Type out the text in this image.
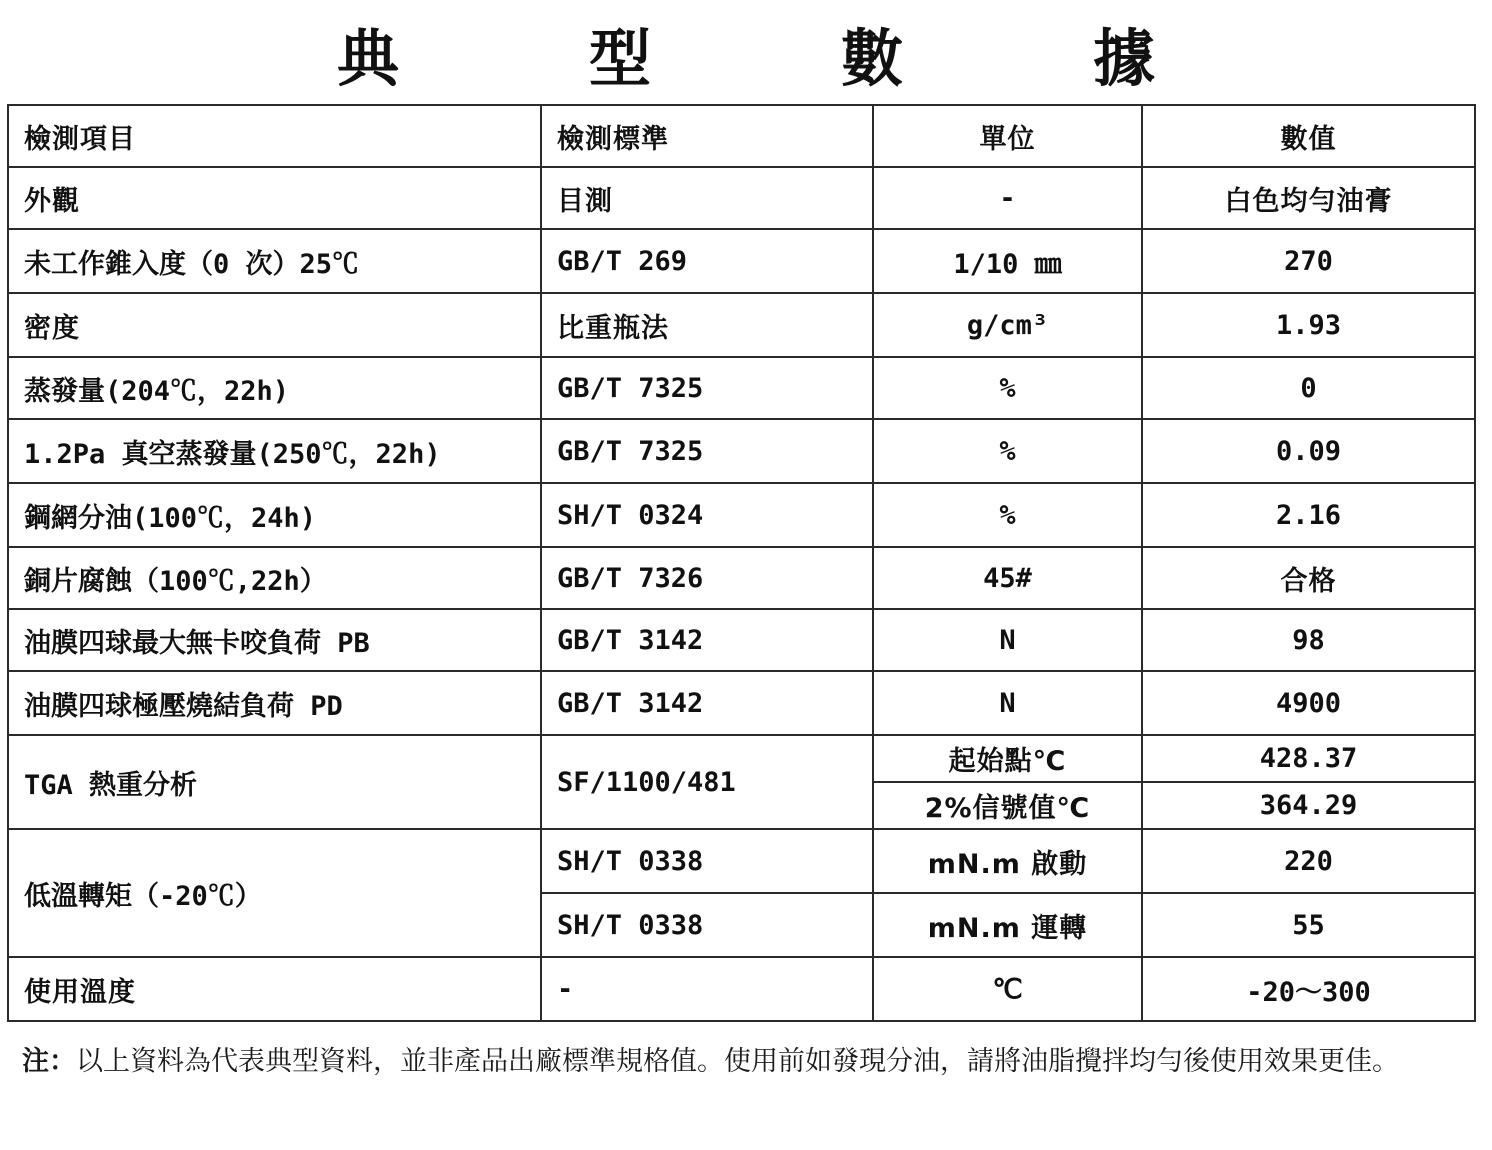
典　型　數　據
檢測項目	檢測標準	單位	數值
外觀	目測	-	白色均勻油膏
未工作錐入度（0 次）25℃	GB/T 269	1/10 ㎜	270
密度	比重瓶法	g/cm³	1.93
蒸發量(204℃，22h)	GB/T 7325	%	0
1.2Pa 真空蒸發量(250℃，22h)	GB/T 7325	%	0.09
鋼網分油(100℃，24h)	SH/T 0324	%	2.16
銅片腐蝕（100℃,22h）	GB/T 7326	45#	合格
油膜四球最大無卡咬負荷 PB	GB/T 3142	N	98
油膜四球極壓燒結負荷 PD	GB/T 3142	N	4900
TGA 熱重分析	SF/1100/481	起始點℃	428.37
		2%信號值℃	364.29
低溫轉矩（-20℃）	SH/T 0338	mN.m 啟動	220
	SH/T 0338	mN.m 運轉	55
使用溫度	-	℃	-20～300

注：以上資料為代表典型資料，並非產品出廠標準規格值。使用前如發現分油，請將油脂攪拌均勻後使用效果更佳。
